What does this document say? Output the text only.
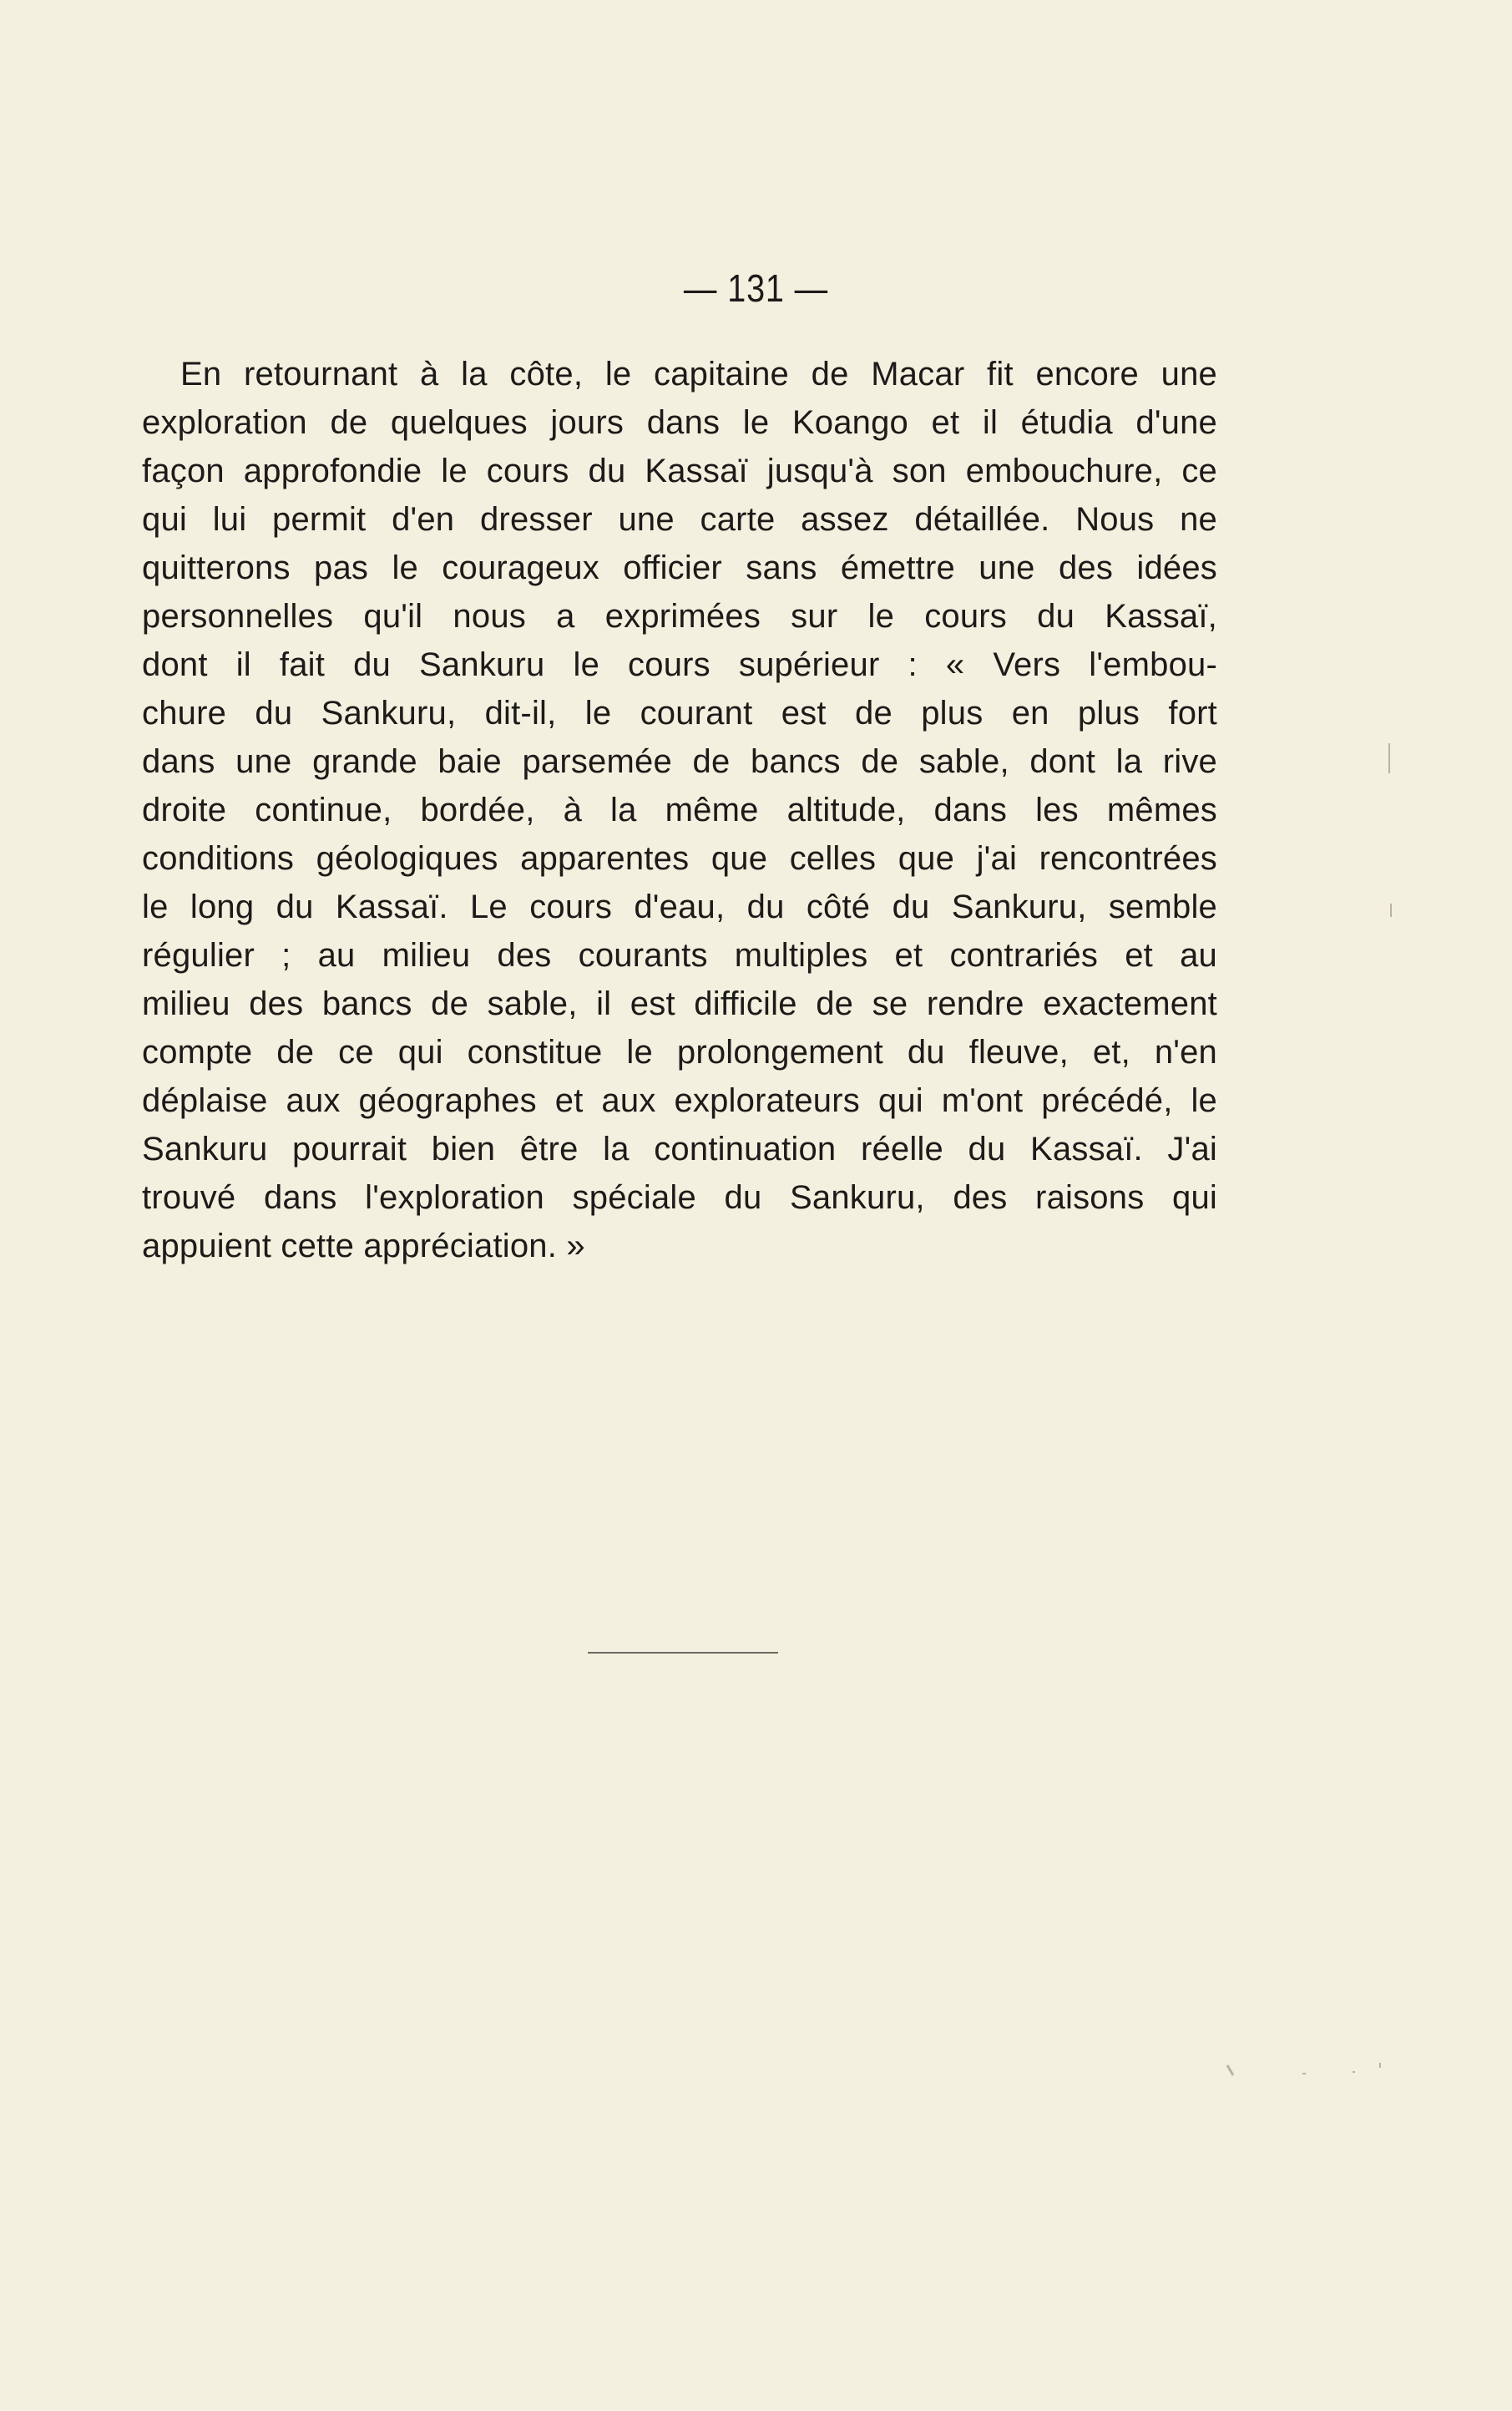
— 131 —
En retournant à la côte, le capitaine de Macar fit encore une
exploration de quelques jours dans le Koango et il étudia d'une
façon approfondie le cours du Kassaï jusqu'à son embouchure, ce
qui lui permit d'en dresser une carte assez détaillée. Nous ne
quitterons pas le courageux officier sans émettre une des idées
personnelles qu'il nous a exprimées sur le cours du Kassaï,
dont il fait du Sankuru le cours supérieur : « Vers l'embou-
chure du Sankuru, dit-il, le courant est de plus en plus fort
dans une grande baie parsemée de bancs de sable, dont la rive
droite continue, bordée, à la même altitude, dans les mêmes
conditions géologiques apparentes que celles que j'ai rencontrées
le long du Kassaï. Le cours d'eau, du côté du Sankuru, semble
régulier ; au milieu des courants multiples et contrariés et au
milieu des bancs de sable, il est difficile de se rendre exactement
compte de ce qui constitue le prolongement du fleuve, et, n'en
déplaise aux géographes et aux explorateurs qui m'ont précédé, le
Sankuru pourrait bien être la continuation réelle du Kassaï. J'ai
trouvé dans l'exploration spéciale du Sankuru, des raisons qui
appuient cette appréciation. »
